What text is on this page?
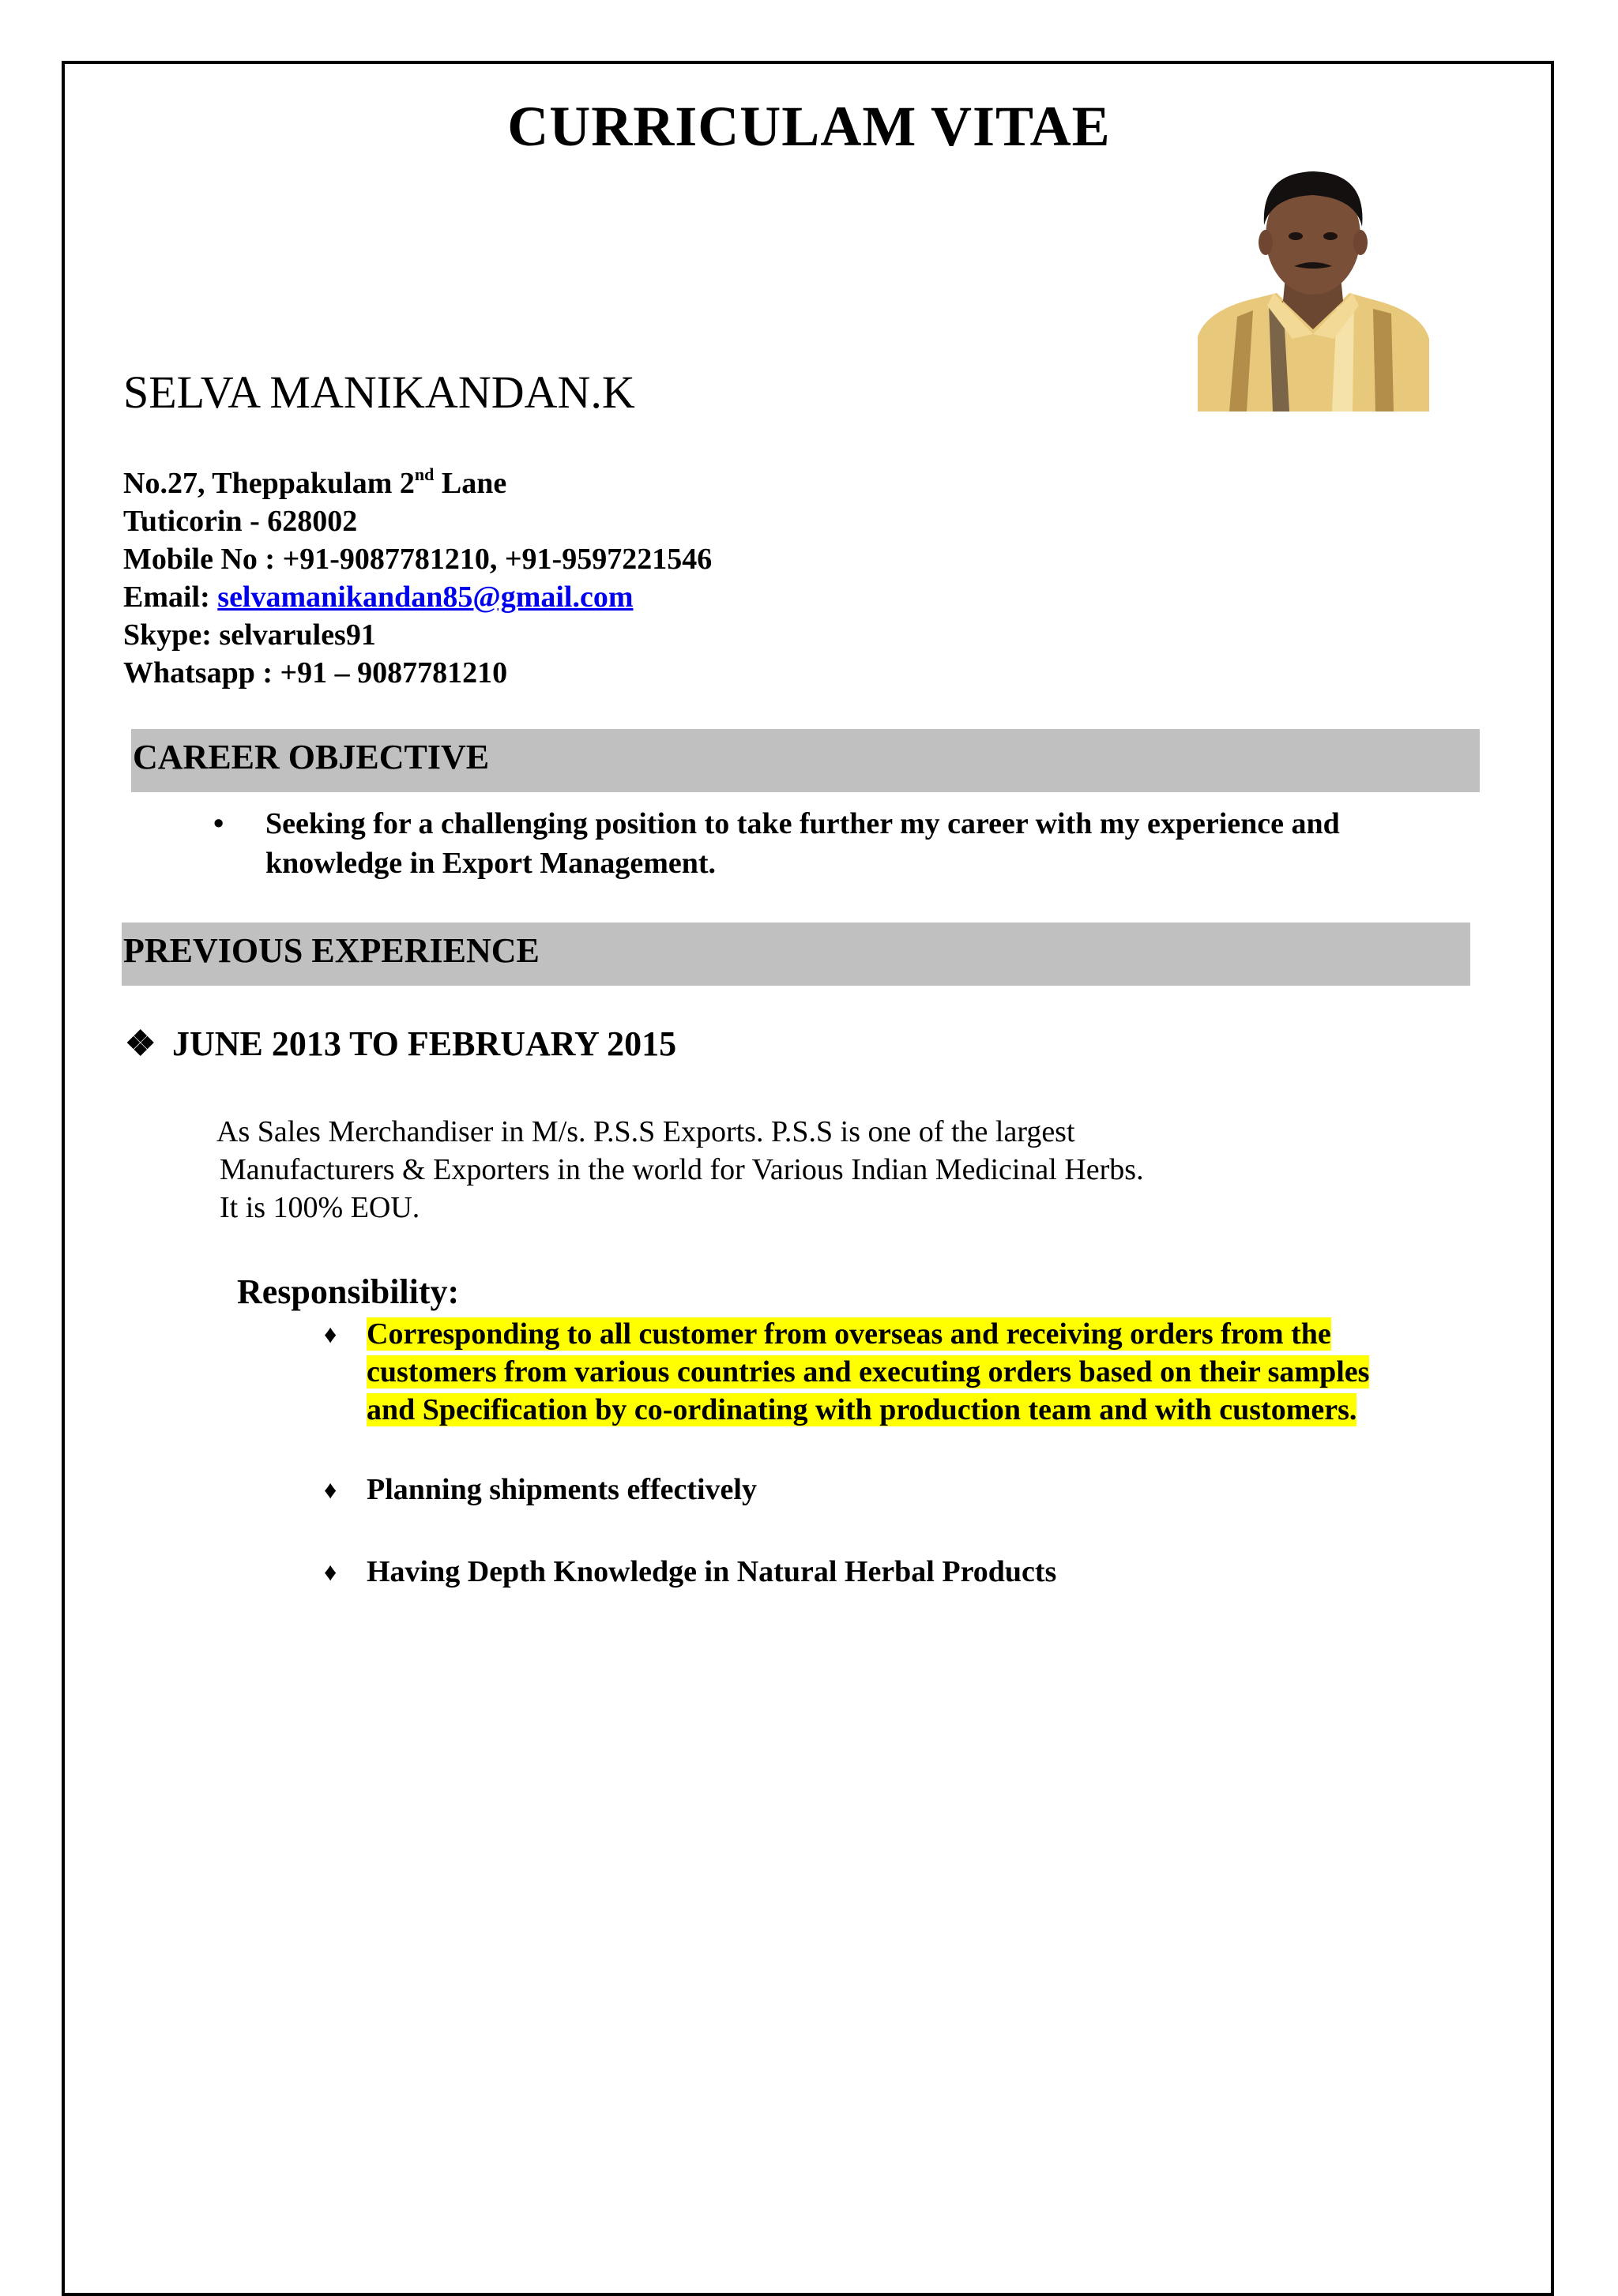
CURRICULAM VITAE
SELVA MANIKANDAN.K
No.27, Theppakulam 2nd Lane
Tuticorin - 628002
Mobile No : +91-9087781210, +91-9597221546
Email: selvamanikandan85@gmail.com
Skype: selvarules91
Whatsapp : +91 – 9087781210
CAREER OBJECTIVE
• Seeking for a challenging position to take further my career with my experience and
knowledge in Export Management.
PREVIOUS EXPERIENCE
❖ JUNE 2013 TO FEBRUARY 2015
As Sales Merchandiser in M/s. P.S.S Exports. P.S.S is one of the largest
Manufacturers & Exporters in the world for Various Indian Medicinal Herbs.
It is 100% EOU.
Responsibility:
♦ Corresponding to all customer from overseas and receiving orders from the
customers from various countries and executing orders based on their samples
and Specification by co-ordinating with production team and with customers.
♦ Planning shipments effectively
♦ Having Depth Knowledge in Natural Herbal Products
